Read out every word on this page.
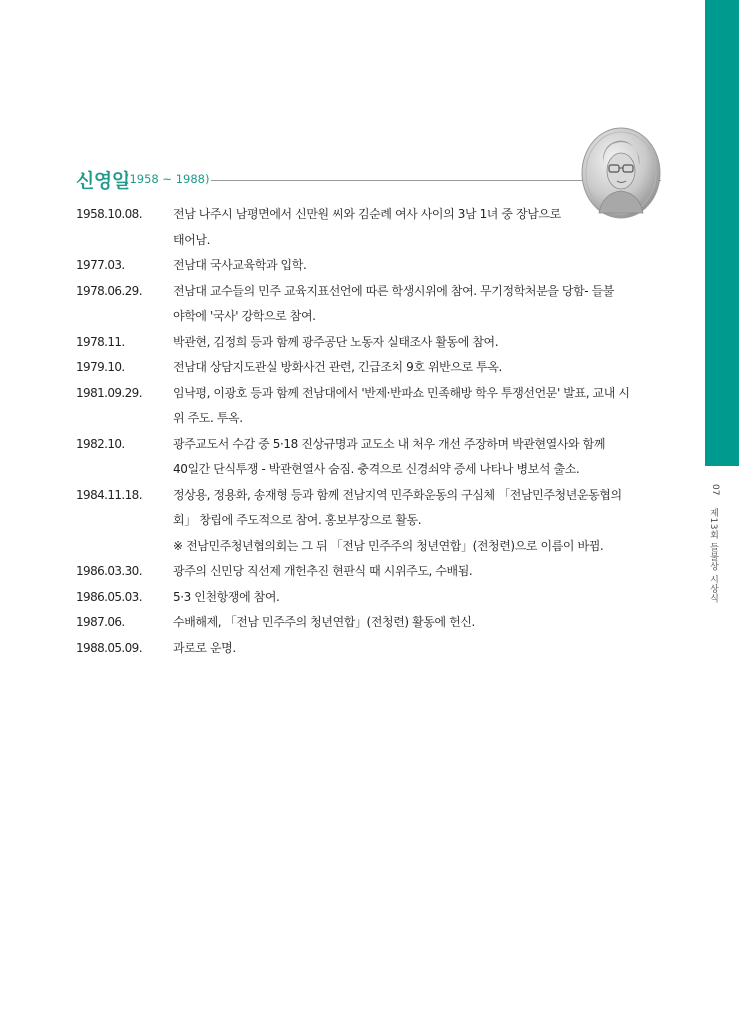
07
제13회 들불상 시상식
신영일
(1958 ~ 1988)
1958.10.08.	전남 나주시 남평면에서 신만원 씨와 김순례 여사 사이의 3남 1녀 중 장남으로
태어남.
1977.03.	전남대 국사교육학과 입학.
1978.06.29.	전남대 교수들의 민주 교육지표선언에 따른 학생시위에 참여. 무기정학처분을 당함- 들불
야학에 '국사' 강학으로 참여.
1978.11.	박관현, 김정희 등과 함께 광주공단 노동자 실태조사 활동에 참여.
1979.10.	전남대 상담지도관실 방화사건 관련, 긴급조치 9호 위반으로 투옥.
1981.09.29.	임낙평, 이광호 등과 함께 전남대에서 '반제·반파쇼 민족해방 학우 투쟁선언문' 발표, 교내 시
위 주도. 투옥.
1982.10.	광주교도서 수감 중 5·18 진상규명과 교도소 내 처우 개선 주장하며 박관현열사와 함께
40일간 단식투쟁 - 박관현열사 숨짐. 충격으로 신경쇠약 증세 나타나 병보석 출소.
1984.11.18.	정상용, 정용화, 송재형 등과 함께 전남지역 민주화운동의 구심체 「전남민주청년운동협의
회」 창립에 주도적으로 참여. 홍보부장으로 활동.
※ 전남민주청년협의회는 그 뒤 「전남 민주주의 청년연합」(전청련)으로 이름이 바뀜.
1986.03.30.	광주의 신민당 직선제 개헌추진 현판식 때 시위주도, 수배됨.
1986.05.03.	5·3 인천항쟁에 참여.
1987.06.	수배해제, 「전남 민주주의 청년연합」(전청련) 활동에 헌신.
1988.05.09.	과로로 운명.
